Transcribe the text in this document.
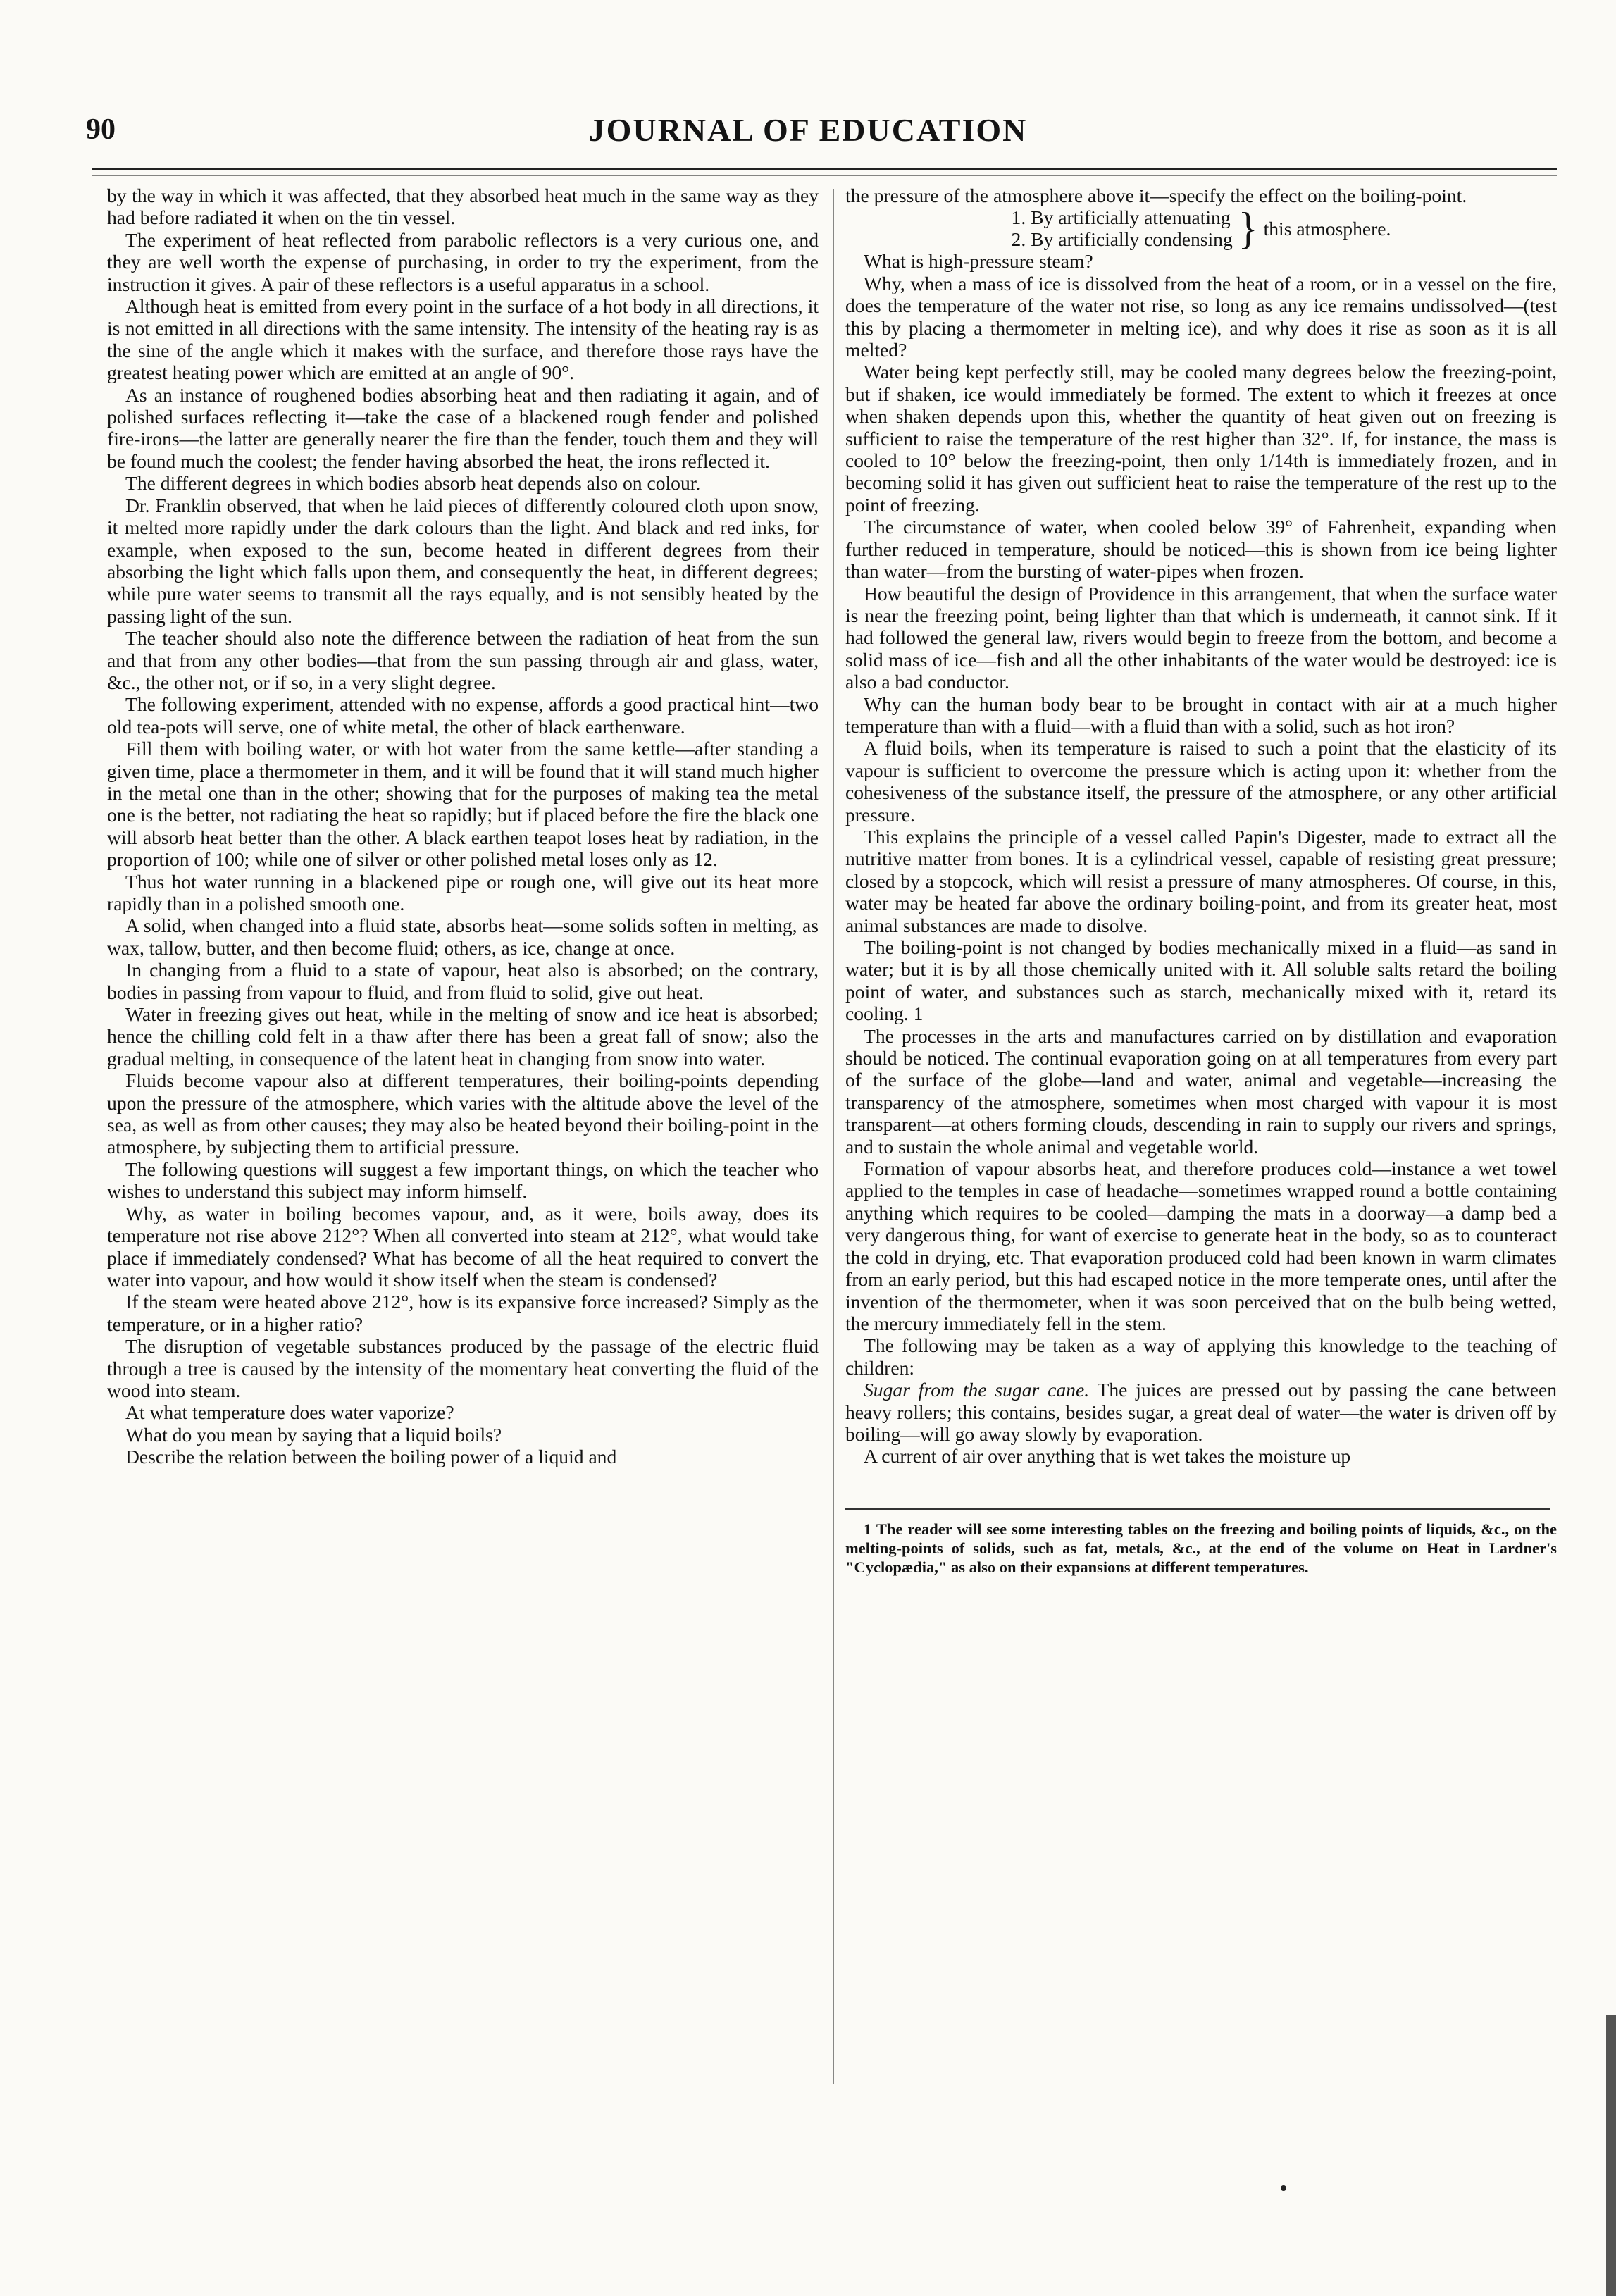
90	JOURNAL OF EDUCATION

by the way in which it was affected, that they absorbed heat much in the same way as they had before radiated it when on the tin vessel.

The experiment of heat reflected from parabolic reflectors is a very curious one, and they are well worth the expense of purchasing, in order to try the experiment, from the instruction it gives. A pair of these reflectors is a useful apparatus in a school.

Although heat is emitted from every point in the surface of a hot body in all directions, it is not emitted in all directions with the same intensity. The intensity of the heating ray is as the sine of the angle which it makes with the surface, and therefore those rays have the greatest heating power which are emitted at an angle of 90°.

As an instance of roughened bodies absorbing heat and then radiating it again, and of polished surfaces reflecting it—take the case of a blackened rough fender and polished fire-irons—the latter are generally nearer the fire than the fender, touch them and they will be found much the coolest; the fender having absorbed the heat, the irons reflected it.

The different degrees in which bodies absorb heat depends also on colour.

Dr. Franklin observed, that when he laid pieces of differently coloured cloth upon snow, it melted more rapidly under the dark colours than the light. And black and red inks, for example, when exposed to the sun, become heated in different degrees from their absorbing the light which falls upon them, and consequently the heat, in different degrees; while pure water seems to transmit all the rays equally, and is not sensibly heated by the passing light of the sun.

The teacher should also note the difference between the radiation of heat from the sun and that from any other bodies—that from the sun passing through air and glass, water, &c., the other not, or if so, in a very slight degree.

The following experiment, attended with no expense, affords a good practical hint—two old tea-pots will serve, one of white metal, the other of black earthenware.

Fill them with boiling water, or with hot water from the same kettle—after standing a given time, place a thermometer in them, and it will be found that it will stand much higher in the metal one than in the other; showing that for the purposes of making tea the metal one is the better, not radiating the heat so rapidly; but if placed before the fire the black one will absorb heat better than the other. A black earthen teapot loses heat by radiation, in the proportion of 100; while one of silver or other polished metal loses only as 12.

Thus hot water running in a blackened pipe or rough one, will give out its heat more rapidly than in a polished smooth one.

A solid, when changed into a fluid state, absorbs heat—some solids soften in melting, as wax, tallow, butter, and then become fluid; others, as ice, change at once.

In changing from a fluid to a state of vapour, heat also is absorbed; on the contrary, bodies in passing from vapour to fluid, and from fluid to solid, give out heat.

Water in freezing gives out heat, while in the melting of snow and ice heat is absorbed; hence the chilling cold felt in a thaw after there has been a great fall of snow; also the gradual melting, in consequence of the latent heat in changing from snow into water.

Fluids become vapour also at different temperatures, their boiling-points depending upon the pressure of the atmosphere, which varies with the altitude above the level of the sea, as well as from other causes; they may also be heated beyond their boiling-point in the atmosphere, by subjecting them to artificial pressure.

The following questions will suggest a few important things, on which the teacher who wishes to understand this subject may inform himself.

Why, as water in boiling becomes vapour, and, as it were, boils away, does its temperature not rise above 212°? When all converted into steam at 212°, what would take place if immediately condensed? What has become of all the heat required to convert the water into vapour, and how would it show itself when the steam is condensed?

If the steam were heated above 212°, how is its expansive force increased? Simply as the temperature, or in a higher ratio?

The disruption of vegetable substances produced by the passage of the electric fluid through a tree is caused by the intensity of the momentary heat converting the fluid of the wood into steam.

At what temperature does water vaporize?

What do you mean by saying that a liquid boils?

Describe the relation between the boiling power of a liquid and

the pressure of the atmosphere above it—specify the effect on the boiling-point.

1. By artificially attenuating
2. By artificially condensing } this atmosphere.

What is high-pressure steam?

Why, when a mass of ice is dissolved from the heat of a room, or in a vessel on the fire, does the temperature of the water not rise, so long as any ice remains undissolved—(test this by placing a thermometer in melting ice), and why does it rise as soon as it is all melted?

Water being kept perfectly still, may be cooled many degrees below the freezing-point, but if shaken, ice would immediately be formed. The extent to which it freezes at once when shaken depends upon this, whether the quantity of heat given out on freezing is sufficient to raise the temperature of the rest higher than 32°. If, for instance, the mass is cooled to 10° below the freezing-point, then only 1/14th is immediately frozen, and in becoming solid it has given out sufficient heat to raise the temperature of the rest up to the point of freezing.

The circumstance of water, when cooled below 39° of Fahrenheit, expanding when further reduced in temperature, should be noticed—this is shown from ice being lighter than water—from the bursting of water-pipes when frozen.

How beautiful the design of Providence in this arrangement, that when the surface water is near the freezing point, being lighter than that which is underneath, it cannot sink. If it had followed the general law, rivers would begin to freeze from the bottom, and become a solid mass of ice—fish and all the other inhabitants of the water would be destroyed: ice is also a bad conductor.

Why can the human body bear to be brought in contact with air at a much higher temperature than with a fluid—with a fluid than with a solid, such as hot iron?

A fluid boils, when its temperature is raised to such a point that the elasticity of its vapour is sufficient to overcome the pressure which is acting upon it: whether from the cohesiveness of the substance itself, the pressure of the atmosphere, or any other artificial pressure.

This explains the principle of a vessel called Papin's Digester, made to extract all the nutritive matter from bones. It is a cylindrical vessel, capable of resisting great pressure; closed by a stopcock, which will resist a pressure of many atmospheres. Of course, in this, water may be heated far above the ordinary boiling-point, and from its greater heat, most animal substances are made to disolve.

The boiling-point is not changed by bodies mechanically mixed in a fluid—as sand in water; but it is by all those chemically united with it. All soluble salts retard the boiling point of water, and substances such as starch, mechanically mixed with it, retard its cooling. 1

The processes in the arts and manufactures carried on by distillation and evaporation should be noticed. The continual evaporation going on at all temperatures from every part of the surface of the globe—land and water, animal and vegetable—increasing the transparency of the atmosphere, sometimes when most charged with vapour it is most transparent—at others forming clouds, descending in rain to supply our rivers and springs, and to sustain the whole animal and vegetable world.

Formation of vapour absorbs heat, and therefore produces cold—instance a wet towel applied to the temples in case of headache—sometimes wrapped round a bottle containing anything which requires to be cooled—damping the mats in a doorway—a damp bed a very dangerous thing, for want of exercise to generate heat in the body, so as to counteract the cold in drying, etc. That evaporation produced cold had been known in warm climates from an early period, but this had escaped notice in the more temperate ones, until after the invention of the thermometer, when it was soon perceived that on the bulb being wetted, the mercury immediately fell in the stem.

The following may be taken as a way of applying this knowledge to the teaching of children:

Sugar from the sugar cane. The juices are pressed out by passing the cane between heavy rollers; this contains, besides sugar, a great deal of water—the water is driven off by boiling—will go away slowly by evaporation.

A current of air over anything that is wet takes the moisture up

1 The reader will see some interesting tables on the freezing and boiling points of liquids, &c., on the melting-points of solids, such as fat, metals, &c., at the end of the volume on Heat in Lardner's "Cyclopædia," as also on their expansions at different temperatures.
